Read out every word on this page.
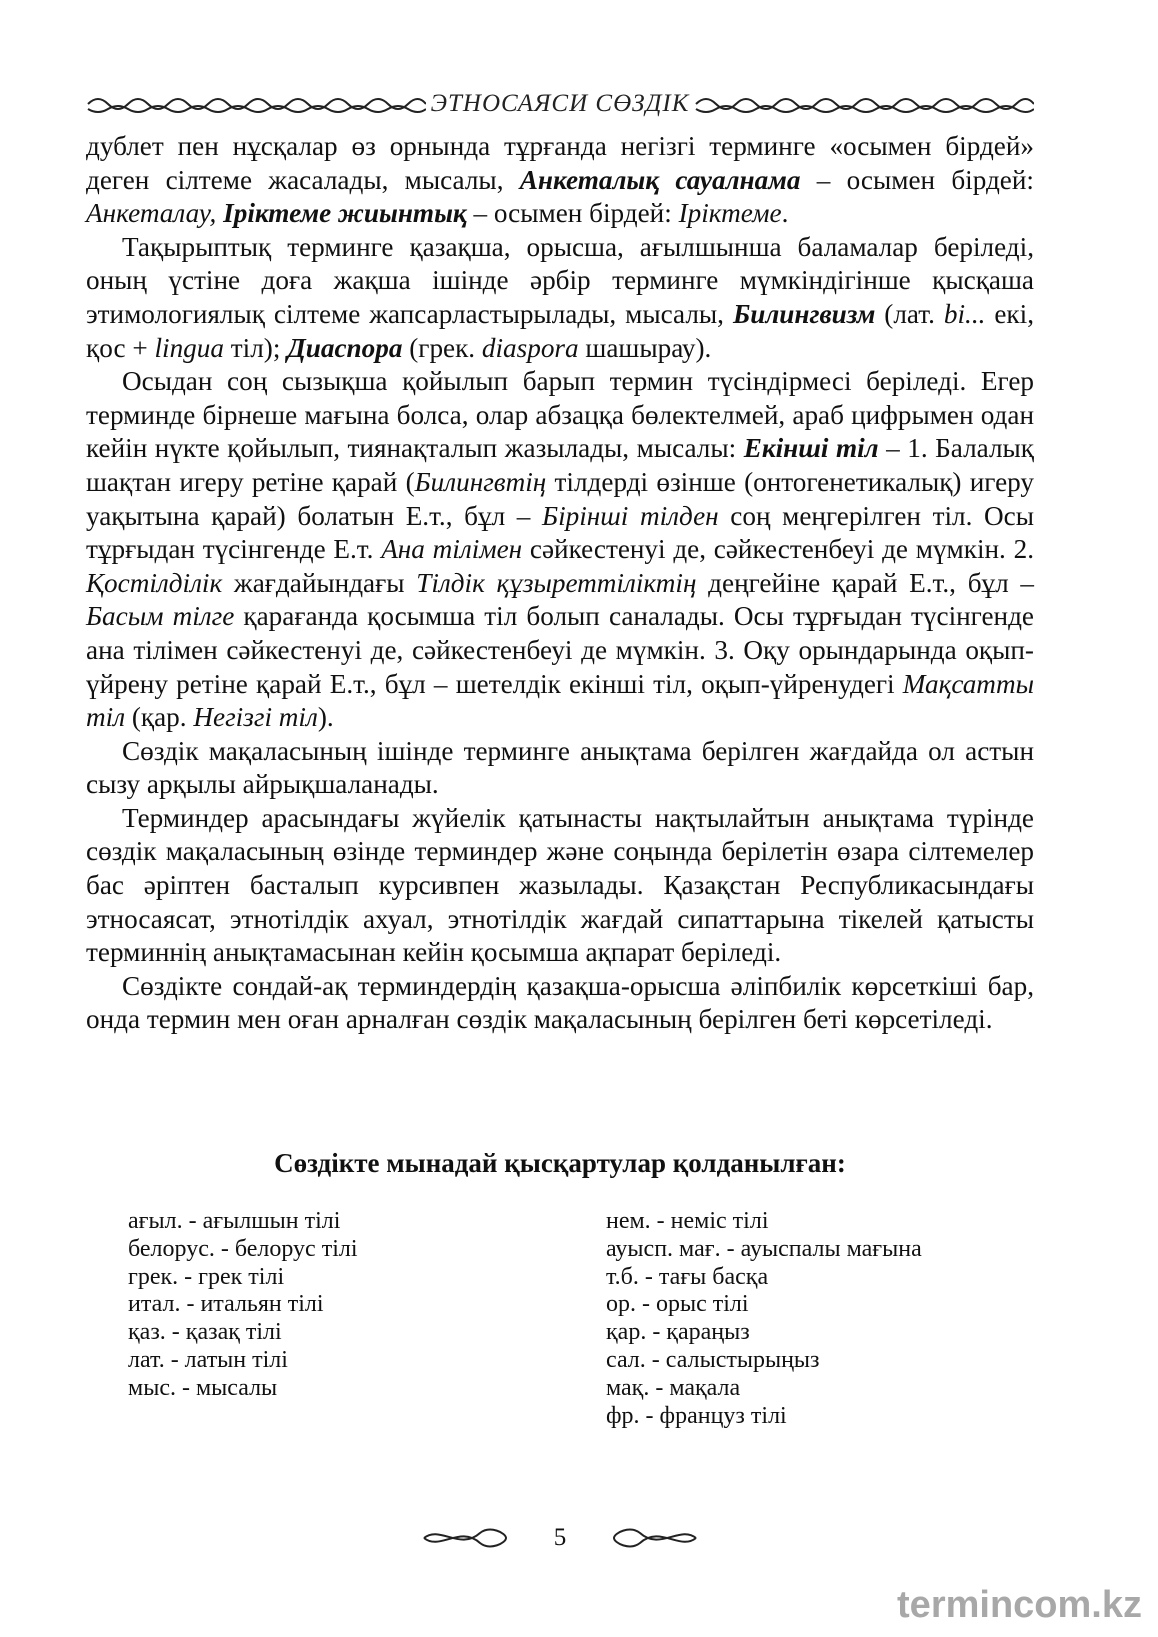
ЭТНОСАЯСИ СӨЗДІК

дублет пен нұсқалар өз орнында тұрғанда негізгі терминге «осымен бірдей» деген сілтеме жасалады, мысалы, Анкеталық сауалнама – осымен бірдей: Анкеталау, Іріктеме жиынтық – осымен бірдей: Іріктеме.

Тақырыптық терминге қазақша, орысша, ағылшынша баламалар беріледі, оның үстіне доға жақша ішінде әрбір терминге мүмкіндігінше қысқаша этимологиялық сілтеме жапсарластырылады, мысалы, Билингвизм (лат. bi... екі, қос + lingua тіл); Диаспора (грек. diaspora шашырау).

Осыдан соң сызықша қойылып барып термин түсіндірмесі беріледі. Егер терминде бірнеше мағына болса, олар абзацқа бөлектелмей, араб цифрымен одан кейін нүкте қойылып, тиянақталып жазылады, мысалы: Екінші тіл – 1. Балалық шақтан игеру ретіне қарай (Билингвтің тілдерді өзінше (онтогенетикалық) игеру уақытына қарай) болатын Е.т., бұл – Бірінші тілден соң меңгерілген тіл. Осы тұрғыдан түсінгенде Е.т. Ана тілімен сәйкестенуі де, сәйкестенбеуі де мүмкін. 2. Қостілділік жағдайындағы Тілдік құзыреттіліктің деңгейіне қарай Е.т., бұл – Басым тілге қарағанда қосымша тіл болып саналады. Осы тұрғыдан түсінгенде ана тілімен сәйкестенуі де, сәйкестенбеуі де мүмкін. 3. Оқу орындарында оқып-үйрену ретіне қарай Е.т., бұл – шетелдік екінші тіл, оқып-үйренудегі Мақсатты тіл (қар. Негізгі тіл).

Сөздік мақаласының ішінде терминге анықтама берілген жағдайда ол астын сызу арқылы айрықшаланады.

Терминдер арасындағы жүйелік қатынасты нақтылайтын анықтама түрінде сөздік мақаласының өзінде терминдер және соңында берілетін өзара сілтемелер бас әріптен басталып курсивпен жазылады. Қазақстан Республикасындағы этносаясат, этнотілдік ахуал, этнотілдік жағдай сипаттарына тікелей қатысты терминнің анықтамасынан кейін қосымша ақпарат беріледі.

Сөздікте сондай-ақ терминдердің қазақша-орысша әліпбилік көрсеткіші бар, онда термин мен оған арналған сөздік мақаласының берілген беті көрсетіледі.

Сөздікте мынадай қысқартулар қолданылған:
ағыл. - ағылшын тілі
белорус. - белорус тілі
грек. - грек тілі
итал. - итальян тілі
қаз. - қазақ тілі
лат. - латын тілі
мыс. - мысалы
нем. - неміс тілі
ауысп. мағ. - ауыспалы мағына
т.б. - тағы басқа
ор. - орыс тілі
қар. - қараңыз
сал. - салыстырыңыз
мақ. - мақала
фр. - француз тілі
5
termincom.kz
